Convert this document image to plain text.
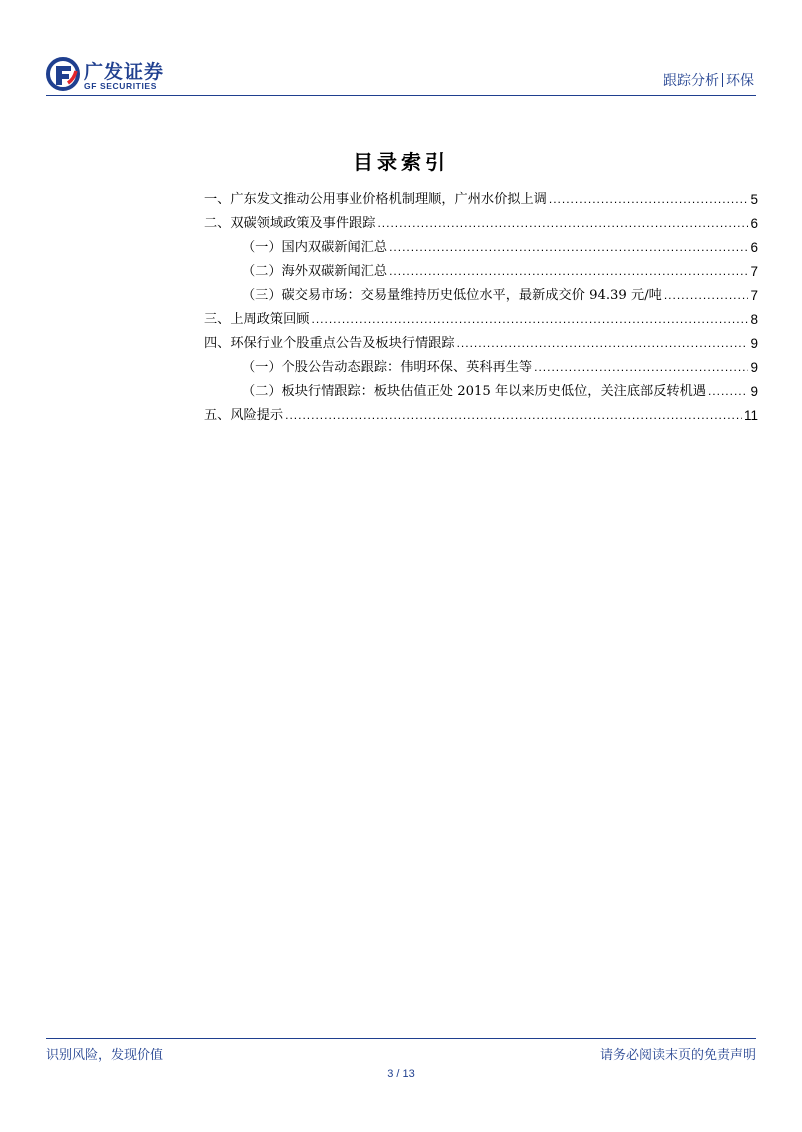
广发证券
GF SECURITIES	跟踪分析 环保
目录索引
一、广东发文推动公用事业价格机制理顺，广州水价拟上调 .....	5
二、双碳领域政策及事件跟踪 .....	6
（一）国内双碳新闻汇总 .....	6
（二）海外双碳新闻汇总 .....	7
（三）碳交易市场：交易量维持历史低位水平，最新成交价 94.39 元/吨 .....	7
三、上周政策回顾 .....	8
四、环保行业个股重点公告及板块行情跟踪 .....	9
（一）个股公告动态跟踪：伟明环保、英科再生等 .....	9
（二）板块行情跟踪：板块估值正处 2015 年以来历史低位，关注底部反转机遇 .....	9
五、风险提示 .....	11
识别风险，发现价值	请务必阅读末页的免责声明
3 / 13
